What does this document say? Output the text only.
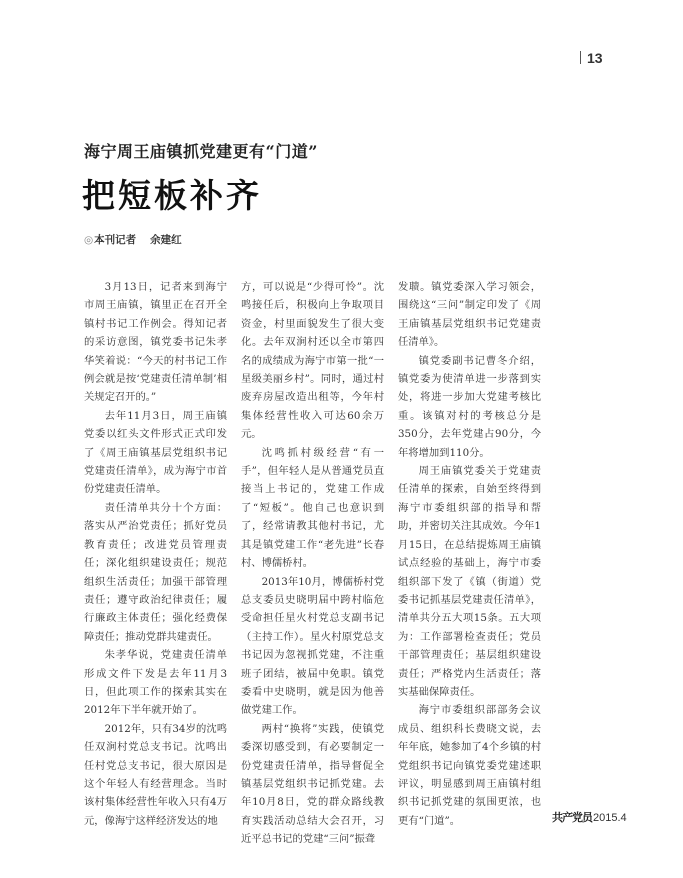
13
海宁周王庙镇抓党建更有“门道”
把短板补齐
◎本刊记者 余建红

3月13日，记者来到海宁市周王庙镇，镇里正在召开全镇村书记工作例会。得知记者的采访意图，镇党委书记朱孝华笑着说：“今天的村书记工作例会就是按‘党建责任清单制’相关规定召开的。”

去年11月3日，周王庙镇党委以红头文件形式正式印发了《周王庙镇基层党组织书记党建责任清单》，成为海宁市首份党建责任清单。

责任清单共分十个方面：落实从严治党责任；抓好党员教育责任；改进党员管理责任；深化组织建设责任；规范组织生活责任；加强干部管理责任；遵守政治纪律责任；履行廉政主体责任；强化经费保障责任；推动党群共建责任。

朱孝华说，党建责任清单形成文件下发是去年11月3日，但此项工作的探索其实在2012年下半年就开始了。

2012年，只有34岁的沈鸣任双涧村党总支书记。沈鸣出任村党总支书记，很大原因是这个年轻人有经营理念。当时该村集体经营性年收入只有4万元，像海宁这样经济发达的地

方，可以说是“少得可怜”。沈鸣接任后，积极向上争取项目资金，村里面貌发生了很大变化。去年双涧村还以全市第四名的成绩成为海宁市第一批“一星级美丽乡村”。同时，通过村废弃房屋改造出租等，今年村集体经营性收入可达60余万元。

沈鸣抓村级经营“有一手”，但年轻人是从普通党员直接当上书记的，党建工作成了“短板”。他自己也意识到了，经常请教其他村书记，尤其是镇党建工作“老先进”长春村、博儒桥村。

2013年10月，博儒桥村党总支委员史晓明届中跨村临危受命担任星火村党总支副书记（主持工作）。星火村原党总支书记因为忽视抓党建，不注重班子团结，被届中免职。镇党委看中史晓明，就是因为他善做党建工作。

两村“换将”实践，使镇党委深切感受到，有必要制定一份党建责任清单，指导督促全镇基层党组织书记抓党建。去年10月8日，党的群众路线教育实践活动总结大会召开，习近平总书记的党建“三问”振聋

发聩。镇党委深入学习领会，围绕这“三问”制定印发了《周王庙镇基层党组织书记党建责任清单》。

镇党委副书记曹冬介绍，镇党委为使清单进一步落到实处，将进一步加大党建考核比重。该镇对村的考核总分是350分，去年党建占90分，今年将增加到110分。

周王庙镇党委关于党建责任清单的探索，自始至终得到海宁市委组织部的指导和帮助，并密切关注其成效。今年1月15日，在总结提炼周王庙镇试点经验的基础上，海宁市委组织部下发了《镇（街道）党委书记抓基层党建责任清单》，清单共分五大项15条。五大项为：工作部署检查责任；党员干部管理责任；基层组织建设责任；严格党内生活责任；落实基础保障责任。

海宁市委组织部部务会议成员、组织科长费晓文说，去年年底，她参加了4个乡镇的村党组织书记向镇党委党建述职评议，明显感到周王庙镇村组织书记抓党建的氛围更浓，也更有“门道”。	共产党员2015.4
